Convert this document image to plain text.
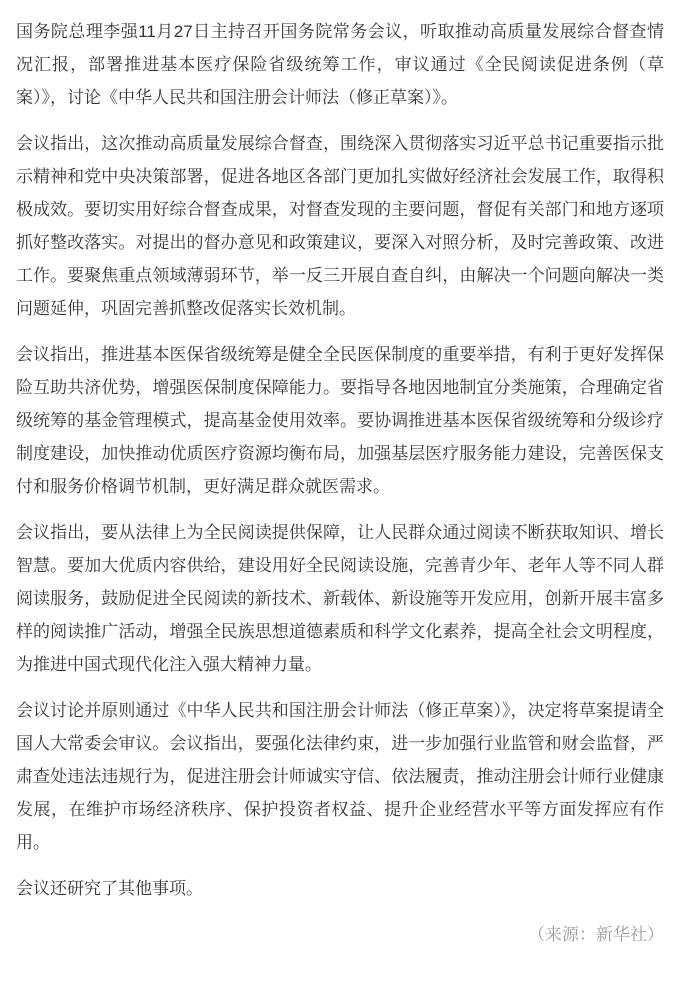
国务院总理李强11月27日主持召开国务院常务会议，听取推动高质量发展综合督查情况汇报，部署推进基本医疗保险省级统筹工作，审议通过《全民阅读促进条例（草案）》，讨论《中华人民共和国注册会计师法（修正草案）》。

会议指出，这次推动高质量发展综合督查，围绕深入贯彻落实习近平总书记重要指示批示精神和党中央决策部署，促进各地区各部门更加扎实做好经济社会发展工作，取得积极成效。要切实用好综合督查成果，对督查发现的主要问题，督促有关部门和地方逐项抓好整改落实。对提出的督办意见和政策建议，要深入对照分析，及时完善政策、改进工作。要聚焦重点领域薄弱环节，举一反三开展自查自纠，由解决一个问题向解决一类问题延伸，巩固完善抓整改促落实长效机制。

会议指出，推进基本医保省级统筹是健全全民医保制度的重要举措，有利于更好发挥保险互助共济优势，增强医保制度保障能力。要指导各地因地制宜分类施策，合理确定省级统筹的基金管理模式，提高基金使用效率。要协调推进基本医保省级统筹和分级诊疗制度建设，加快推动优质医疗资源均衡布局，加强基层医疗服务能力建设，完善医保支付和服务价格调节机制，更好满足群众就医需求。

会议指出，要从法律上为全民阅读提供保障，让人民群众通过阅读不断获取知识、增长智慧。要加大优质内容供给，建设用好全民阅读设施，完善青少年、老年人等不同人群阅读服务，鼓励促进全民阅读的新技术、新载体、新设施等开发应用，创新开展丰富多样的阅读推广活动，增强全民族思想道德素质和科学文化素养，提高全社会文明程度，为推进中国式现代化注入强大精神力量。

会议讨论并原则通过《中华人民共和国注册会计师法（修正草案）》，决定将草案提请全国人大常委会审议。会议指出，要强化法律约束，进一步加强行业监管和财会监督，严肃查处违法违规行为，促进注册会计师诚实守信、依法履责，推动注册会计师行业健康发展，在维护市场经济秩序、保护投资者权益、提升企业经营水平等方面发挥应有作用。

会议还研究了其他事项。

（来源：新华社）
